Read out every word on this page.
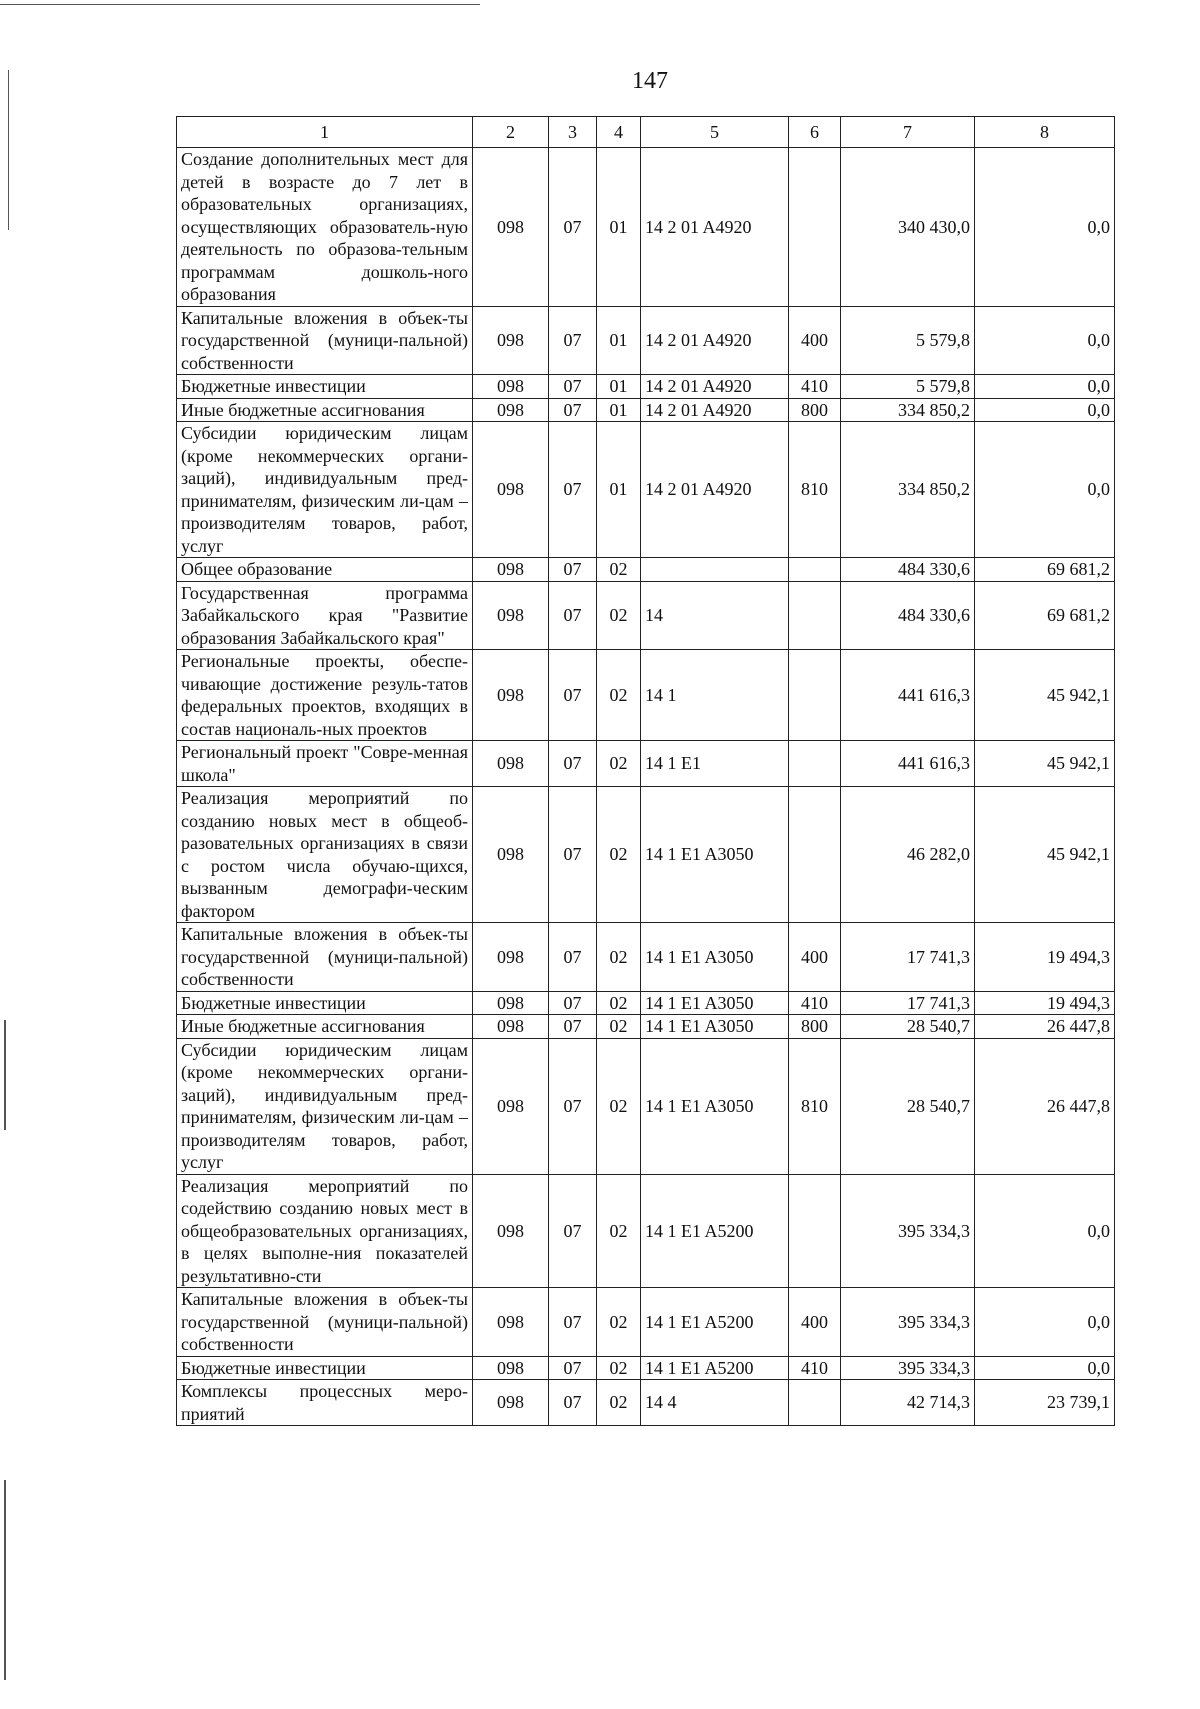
147
1	2	3	4	5	6	7	8
Создание дополнительных мест для детей в возрасте до 7 лет в образовательных организациях, осуществляющих образователь-ную деятельность по образова-тельным программам дошколь-ного образования	098	07	01	14 2 01 A4920		340 430,0	0,0
Капитальные вложения в объек-ты государственной (муници-пальной) собственности	098	07	01	14 2 01 A4920	400	5 579,8	0,0
Бюджетные инвестиции	098	07	01	14 2 01 A4920	410	5 579,8	0,0
Иные бюджетные ассигнования	098	07	01	14 2 01 A4920	800	334 850,2	0,0
Субсидии юридическим лицам (кроме некоммерческих органи-заций), индивидуальным пред-принимателям, физическим ли-цам – производителям товаров, работ, услуг	098	07	01	14 2 01 A4920	810	334 850,2	0,0
Общее образование	098	07	02			484 330,6	69 681,2
Государственная программа Забайкальского края "Развитие образования Забайкальского края"	098	07	02	14		484 330,6	69 681,2
Региональные проекты, обеспе-чивающие достижение резуль-татов федеральных проектов, входящих в состав националь-ных проектов	098	07	02	14 1		441 616,3	45 942,1
Региональный проект "Совре-менная школа"	098	07	02	14 1 E1		441 616,3	45 942,1
Реализация мероприятий по созданию новых мест в общеоб-разовательных организациях в связи с ростом числа обучаю-щихся, вызванным демографи-ческим фактором	098	07	02	14 1 E1 A3050		46 282,0	45 942,1
Капитальные вложения в объек-ты государственной (муници-пальной) собственности	098	07	02	14 1 E1 A3050	400	17 741,3	19 494,3
Бюджетные инвестиции	098	07	02	14 1 E1 A3050	410	17 741,3	19 494,3
Иные бюджетные ассигнования	098	07	02	14 1 E1 A3050	800	28 540,7	26 447,8
Субсидии юридическим лицам (кроме некоммерческих органи-заций), индивидуальным пред-принимателям, физическим ли-цам – производителям товаров, работ, услуг	098	07	02	14 1 E1 A3050	810	28 540,7	26 447,8
Реализация мероприятий по содействию созданию новых мест в общеобразовательных организациях, в целях выполне-ния показателей результативно-сти	098	07	02	14 1 E1 A5200		395 334,3	0,0
Капитальные вложения в объек-ты государственной (муници-пальной) собственности	098	07	02	14 1 E1 A5200	400	395 334,3	0,0
Бюджетные инвестиции	098	07	02	14 1 E1 A5200	410	395 334,3	0,0
Комплексы процессных меро-приятий	098	07	02	14 4		42 714,3	23 739,1
